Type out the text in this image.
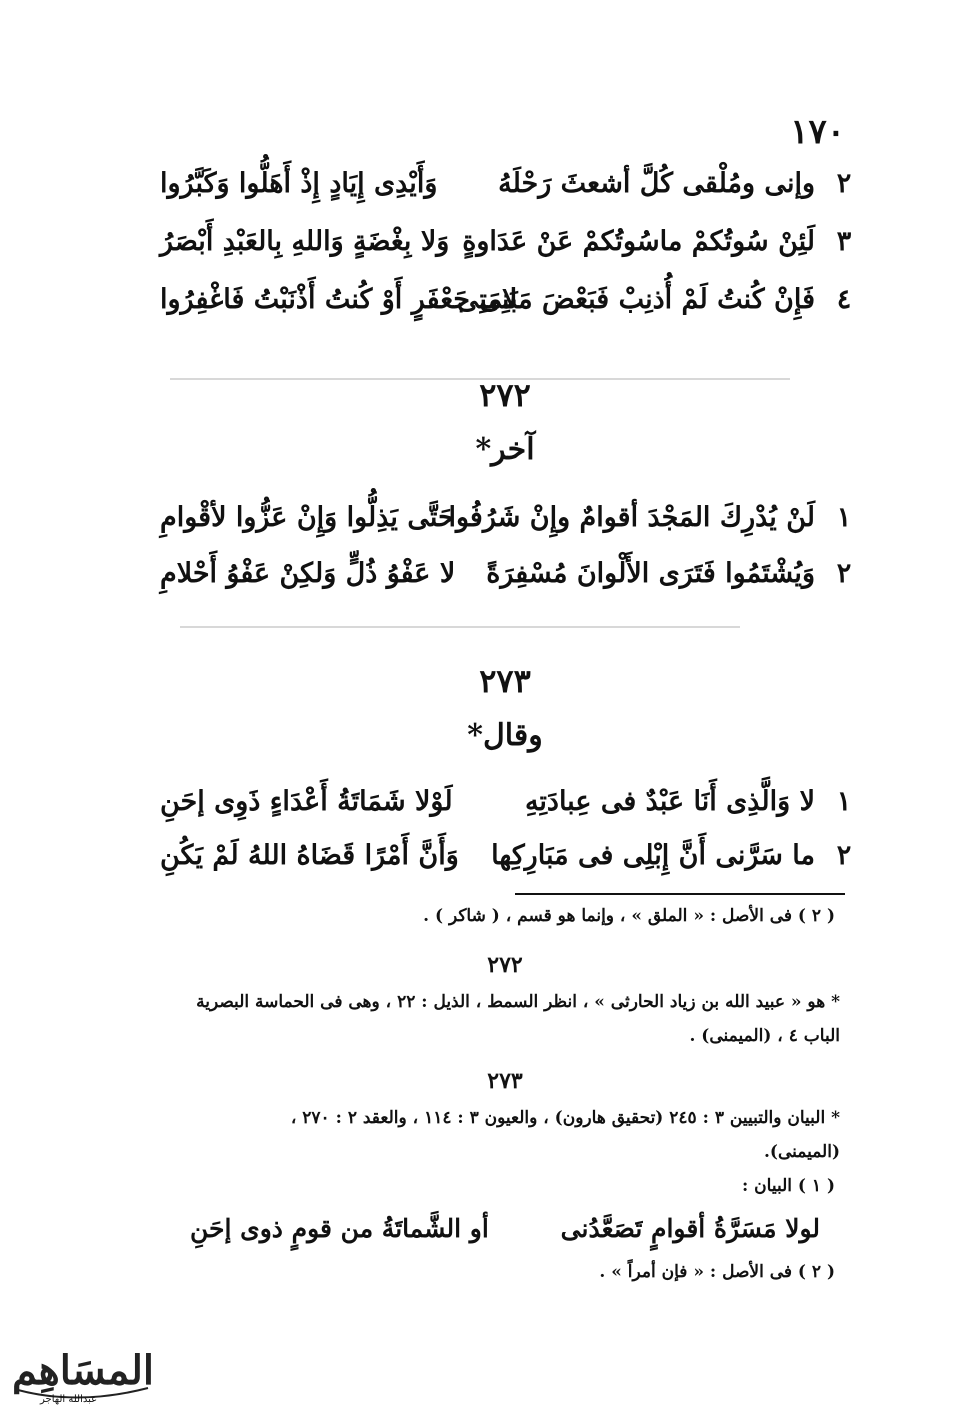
١٧٠
٢
وإنى ومُلْقى كُلَّ أشعثَ رَحْلَهُ
وَأَيْدِى إِيَادٍ إِذْ أَهَلُّوا وَكَبَّرُوا
٣
لَئِنْ سُوتُكمْ ماسُوتُكمْ عَنْ عَدَاوةٍ
وَلا بِغْضَةٍ وَاللهِ بِالعَبْدِ أَبْصَرُ
٤
فَإِنْ كُنتُ لَمْ أُذنِبْ فَبَعْضَ مَلامَتِى
بَنِى جَعْفَرٍ أَوْ كُنتُ أَذْنَبْتُ فَاغْفِرُوا
٢٧٢
آخر*
١
لَنْ يُدْرِكَ المَجْدَ أقوامٌ وإِنْ شَرُفُوا
حَتَّى يَذِلُّوا وَإِنْ عَزُّوا لأقْوامِ
٢
وَيُشْتَمُوا فَتَرَى الأَلْوانَ مُسْفِرَةً
لا عَفْوُ ذُلٍّ وَلكِنْ عَفْوُ أَحْلامِ
٢٧٣
وقال*
١
لا وَالَّذِى أَنَا عَبْدٌ فى عِبادَتِهِ
لَوْلا شَمَاتَةُ أَعْدَاءٍ ذَوِى إحَنِ
٢
ما سَرَّنى أَنَّ إِبْلِى فى مَبَارِكِها
وَأَنَّ أَمْرًا قَضَاهُ اللهُ لَمْ يَكُنِ
( ٢ ) فى الأصل : « الملق » ، وإنما هو قسم ، ( شاكر ) .
٢٧٢
* هو « عبيد الله بن زياد الحارثى » ، انظر السمط ، الذيل : ٢٢ ، وهى فى الحماسة البصرية
الباب ٤ ، (الميمنى) .
٢٧٣
* البيان والتبيين ٣ : ٢٤٥ (تحقيق هارون) ، والعيون ٣ : ١١٤ ، والعقد ٢ : ٢٧٠ ،
(الميمنى).
( ١ ) البيان :
لولا مَسَرَّةُ أقوامٍ تَصَعَّدُنى
أو الشَّماتَةُ من قومٍ ذوى إحَنِ
( ٢ ) فى الأصل : « فإن أمراً » .
المسَاهِم
عبدالله الهاجر
